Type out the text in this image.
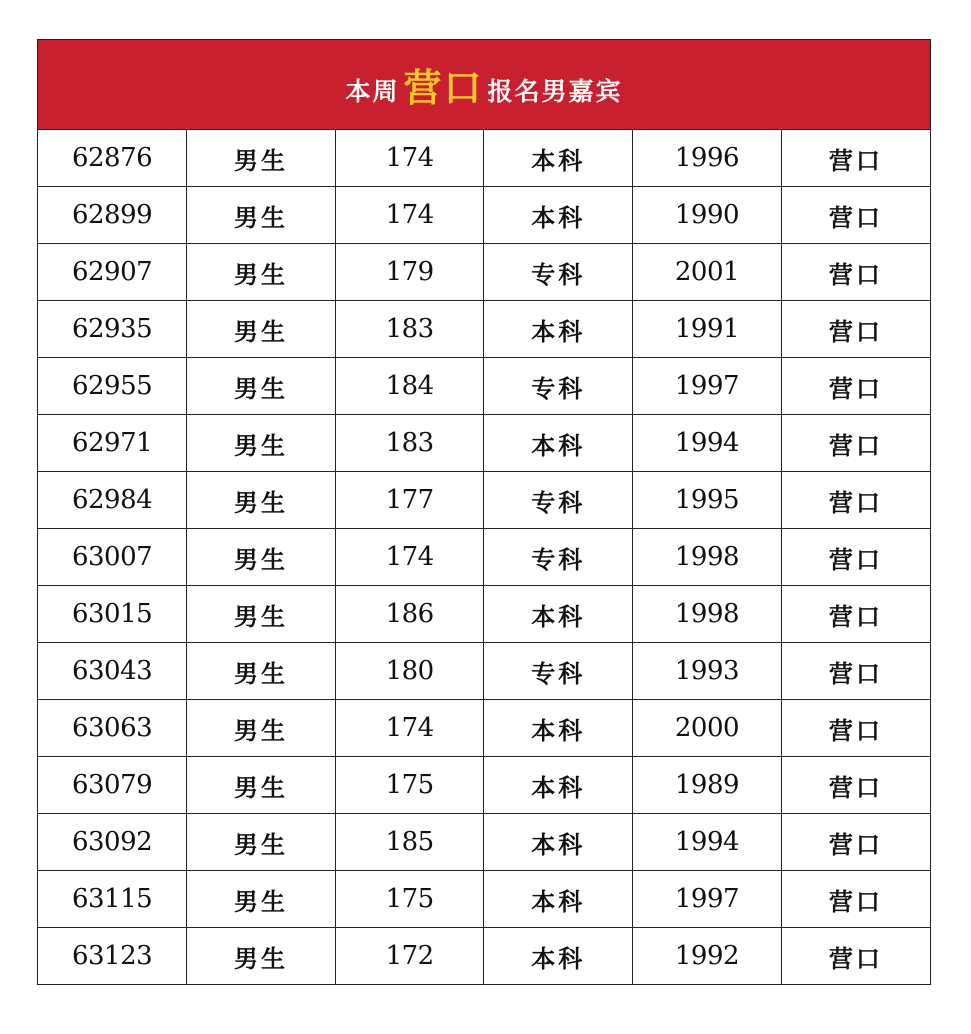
本周 营口 报名男嘉宾
62876	男生	174	本科	1996	营口
62899	男生	174	本科	1990	营口
62907	男生	179	专科	2001	营口
62935	男生	183	本科	1991	营口
62955	男生	184	专科	1997	营口
62971	男生	183	本科	1994	营口
62984	男生	177	专科	1995	营口
63007	男生	174	专科	1998	营口
63015	男生	186	本科	1998	营口
63043	男生	180	专科	1993	营口
63063	男生	174	本科	2000	营口
63079	男生	175	本科	1989	营口
63092	男生	185	本科	1994	营口
63115	男生	175	本科	1997	营口
63123	男生	172	本科	1992	营口
